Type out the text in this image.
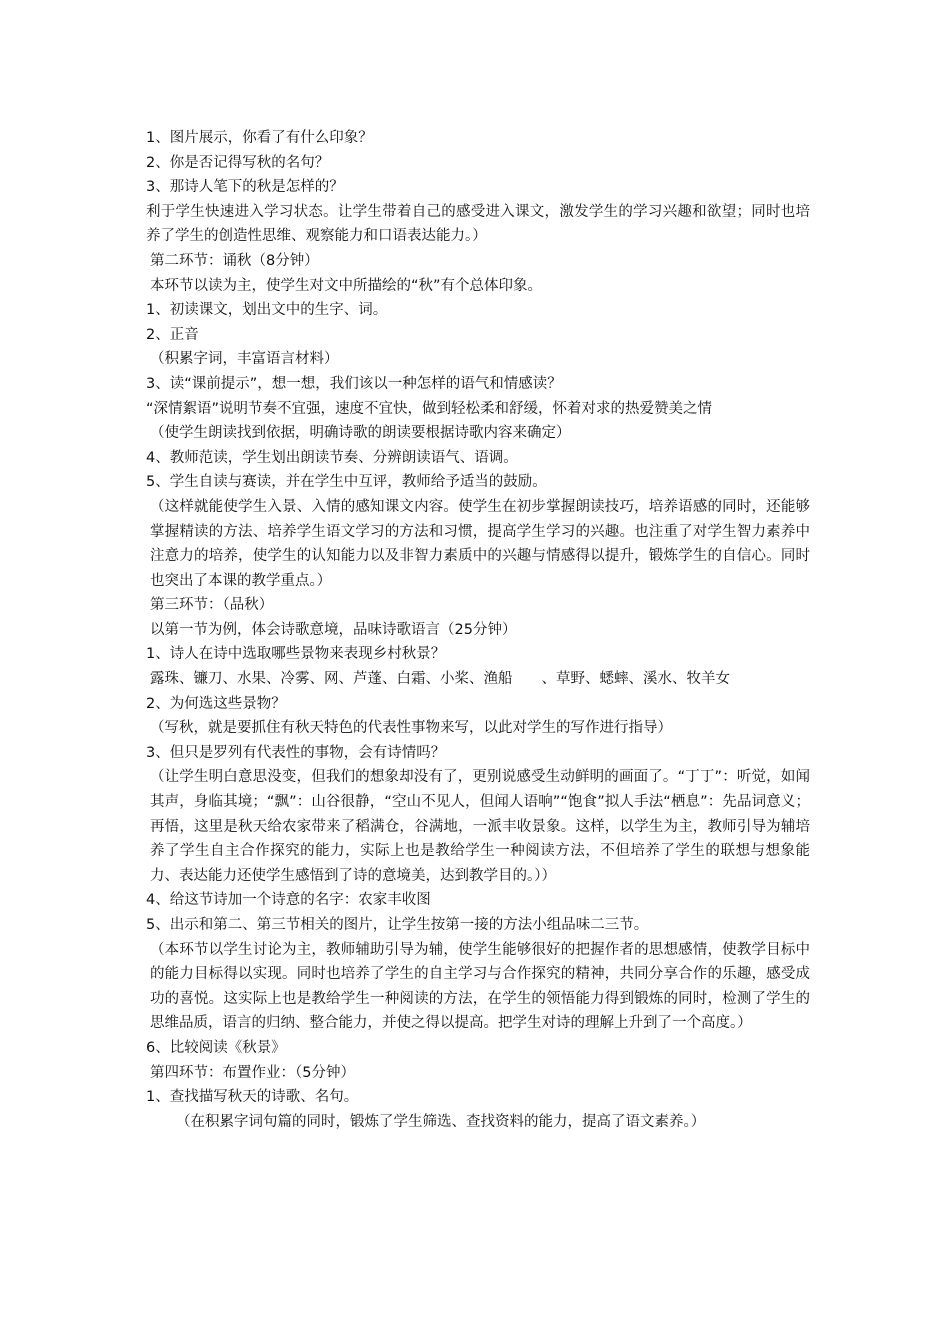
1、图片展示，你看了有什么印象？
2、你是否记得写秋的名句？
3、那诗人笔下的秋是怎样的？
利于学生快速进入学习状态。让学生带着自己的感受进入课文，激发学生的学习兴趣和欲望；同时也培养了学生的创造性思维、观察能力和口语表达能力。）
第二环节：诵秋（8分钟）
本环节以读为主，使学生对文中所描绘的“秋”有个总体印象。
1、初读课文，划出文中的生字、词。
2、正音
（积累字词，丰富语言材料）
3、读“课前提示”，想一想，我们该以一种怎样的语气和情感读？
“深情絮语”说明节奏不宜强，速度不宜快，做到轻松柔和舒缓，怀着对求的热爱赞美之情
（使学生朗读找到依据，明确诗歌的朗读要根据诗歌内容来确定）
4、教师范读，学生划出朗读节奏、分辨朗读语气、语调。
5、学生自读与赛读，并在学生中互评，教师给予适当的鼓励。
（这样就能使学生入景、入情的感知课文内容。使学生在初步掌握朗读技巧，培养语感的同时，还能够掌握精读的方法、培养学生语文学习的方法和习惯，提高学生学习的兴趣。也注重了对学生智力素养中注意力的培养，使学生的认知能力以及非智力素质中的兴趣与情感得以提升，锻炼学生的自信心。同时也突出了本课的教学重点。）
第三环节：（品秋）
以第一节为例，体会诗歌意境，品味诗歌语言（25分钟）
1、诗人在诗中选取哪些景物来表现乡村秋景？
露珠、镰刀、水果、冷雾、网、芦蓬、白霜、小桨、渔船　　、草野、蟋蟀、溪水、牧羊女
2、为何选这些景物？
（写秋，就是要抓住有秋天特色的代表性事物来写，以此对学生的写作进行指导）
3、但只是罗列有代表性的事物，会有诗情吗？
（让学生明白意思没变，但我们的想象却没有了，更别说感受生动鲜明的画面了。“丁丁”：听觉，如闻其声，身临其境；“飘”：山谷很静，“空山不见人，但闻人语响”“饱食”拟人手法“栖息”：先品词意义；再悟，这里是秋天给农家带来了稻满仓，谷满地，一派丰收景象。这样，以学生为主，教师引导为辅培养了学生自主合作探究的能力，实际上也是教给学生一种阅读方法，不但培养了学生的联想与想象能力、表达能力还使学生感悟到了诗的意境美，达到教学目的。））
4、给这节诗加一个诗意的名字：农家丰收图
5、出示和第二、第三节相关的图片，让学生按第一接的方法小组品味二三节。
（本环节以学生讨论为主，教师辅助引导为辅，使学生能够很好的把握作者的思想感情，使教学目标中的能力目标得以实现。同时也培养了学生的自主学习与合作探究的精神，共同分享合作的乐趣，感受成功的喜悦。这实际上也是教给学生一种阅读的方法，在学生的领悟能力得到锻炼的同时，检测了学生的思维品质，语言的归纳、整合能力，并使之得以提高。把学生对诗的理解上升到了一个高度。）
6、比较阅读《秋景》
第四环节：布置作业：（5分钟）
1、查找描写秋天的诗歌、名句。
（在积累字词句篇的同时，锻炼了学生筛选、查找资料的能力，提高了语文素养。）
